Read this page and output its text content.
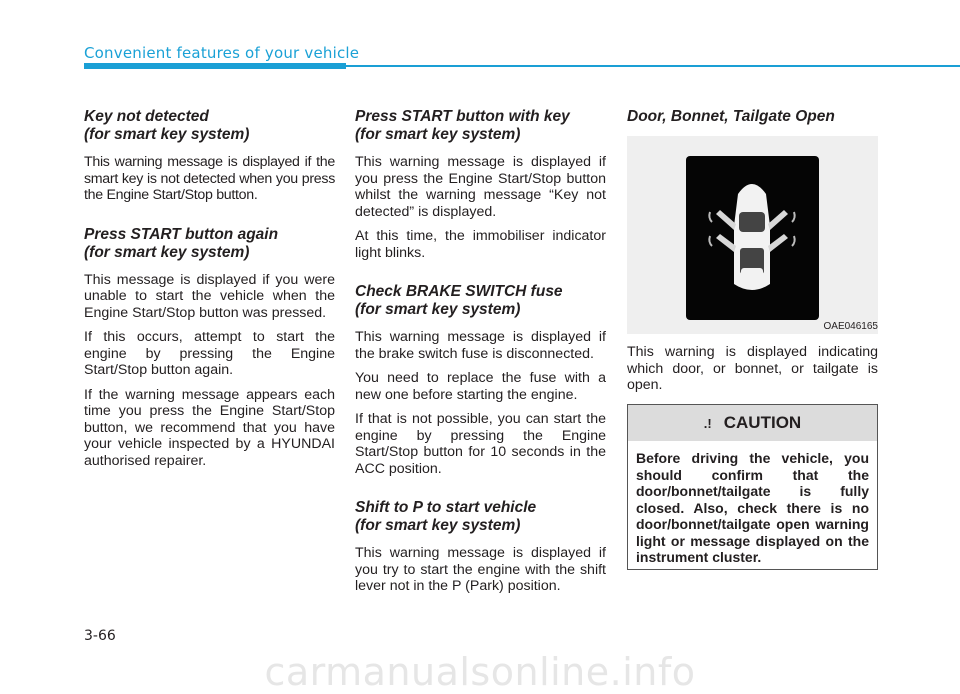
Convenient features of your vehicle
Key not detected
(for smart key system)

This warning message is displayed if the smart key is not detected when you press the Engine Start/Stop button.

Press START button again
(for smart key system)

This message is displayed if you were unable to start the vehicle when the Engine Start/Stop button was pressed.

If this occurs, attempt to start the engine by pressing the Engine Start/Stop button again.

If the warning message appears each time you press the Engine Start/Stop button, we recommend that you have your vehicle inspected by a HYUNDAI authorised repairer.

Press START button with key
(for smart key system)

This warning message is displayed if you press the Engine Start/Stop button whilst the warning message “Key not detected” is displayed.

At this time, the immobiliser indicator light blinks.

Check BRAKE SWITCH fuse
(for smart key system)

This warning message is displayed if the brake switch fuse is disconnected.

You need to replace the fuse with a new one before starting the engine.

If that is not possible, you can start the engine by pressing the Engine Start/Stop button for 10 seconds in the ACC position.

Shift to P to start vehicle
(for smart key system)

This warning message is displayed if you try to start the engine with the shift lever not in the P (Park) position.

Door, Bonnet, Tailgate Open
OAE046165

This warning is displayed indicating which door, or bonnet, or tailgate is open.

.! CAUTION
Before driving the vehicle, you should confirm that the door/bonnet/tailgate is fully closed. Also, check there is no door/bonnet/tailgate open warning light or message displayed on the instrument cluster.
3-66
carmanualsonline.info
